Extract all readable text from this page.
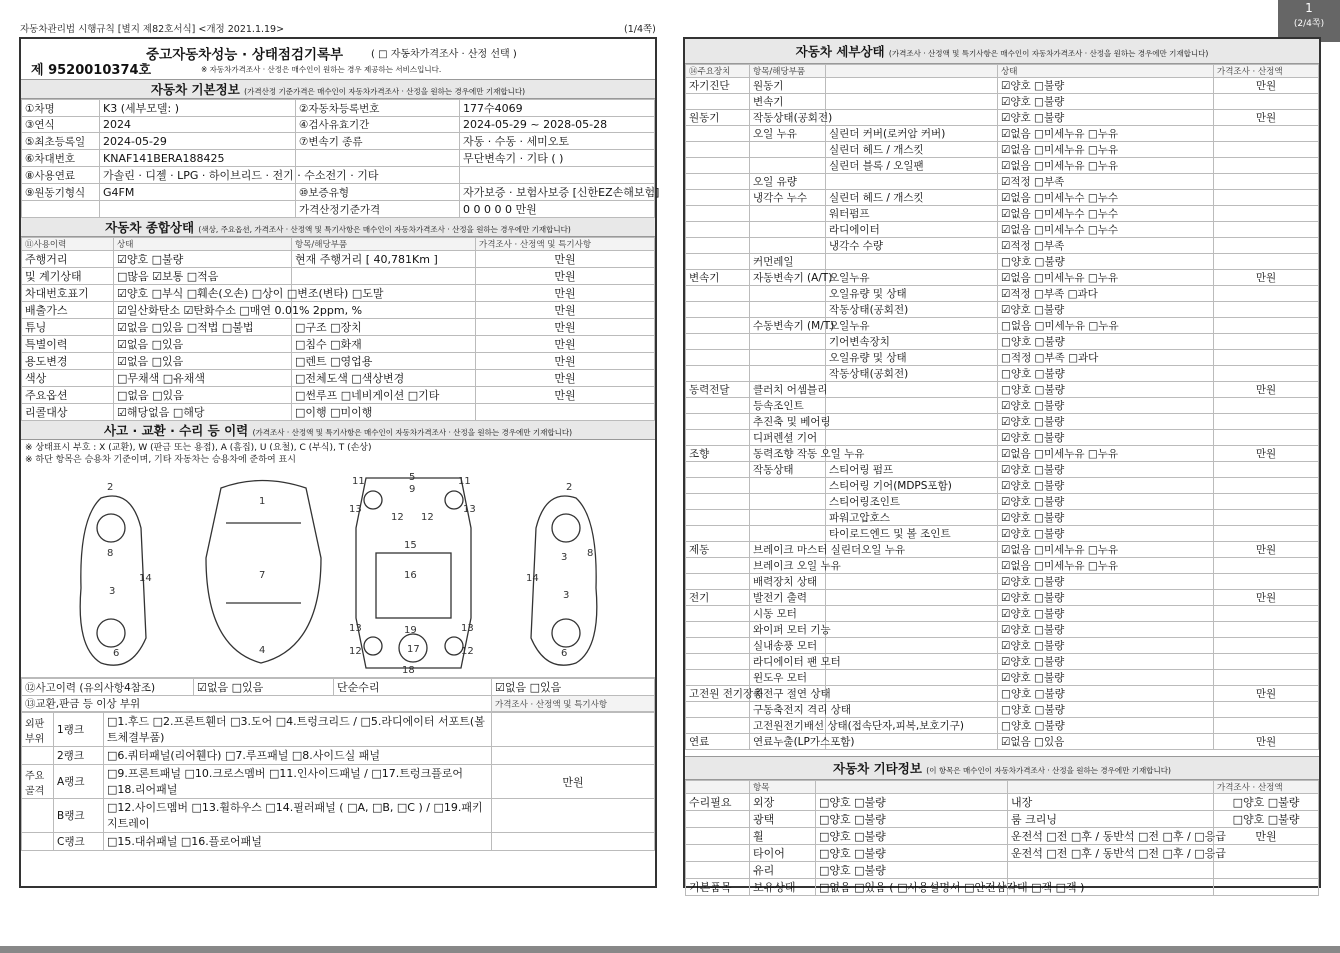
자동차관리법 시행규칙 [별지 제82호서식] <개정 2021.1.19>	(1/4쪽)
1
(2/4쪽)
중고자동차성능 · 상태점검기록부	( □ 자동차가격조사 · 산정 선택 )
제 9520010374호	※ 자동차가격조사 · 산정은 매수인이 원하는 경우 제공하는 서비스입니다.
자동차 기본정보 (가격산정 기준가격은 매수인이 자동차가격조사 · 산정을 원하는 경우에만 기재합니다)
①차명	K3 (세부모델: )	②자동차등록번호	177수4069
③연식	2024	④검사유효기간	2024-05-29 ~ 2028-05-28
⑤최초등록일	2024-05-29	⑦변속기 종류	자동 · 수동 · 세미오토
⑥차대번호	KNAF141BERA188425		무단변속기 · 기타 ( )
⑧사용연료	가솔린 · 디젤 · LPG · 하이브리드 · 전기 · 수소전기 · 기타		
⑨원동기형식	G4FM	⑩보증유형	자가보증 · 보험사보증 [신한EZ손해보험]
		가격산정기준가격	0 0 0 0 0 만원
자동차 종합상태 (색상, 주요옵션, 가격조사 · 산정액 및 특기사항은 매수인이 자동차가격조사 · 산정을 원하는 경우에만 기재합니다)
⑪사용이력	상태	항목/해당부품	가격조사 · 산정액 및 특기사항
주행거리	☑양호 □불량	현재 주행거리 [ 40,781Km ]	만원
및 계기상태	□많음 ☑보통 □적음		만원
차대번호표기	☑양호 □부식 □훼손(오손) □상이 □변조(변타) □도말		만원
배출가스	☑일산화탄소 ☑탄화수소 □매연 0.01% 2ppm, %		만원
튜닝	☑없음 □있음 □적법 □불법	□구조 □장치	만원
특별이력	☑없음 □있음	□침수 □화재	만원
용도변경	☑없음 □있음	□렌트 □영업용	만원
색상	□무채색 □유채색	□전체도색 □색상변경	만원
주요옵션	□없음 □있음	□썬루프 □네비게이션 □기타	만원
리콜대상	☑해당없음 □해당	□이행 □미이행	
사고 · 교환 · 수리 등 이력 (가격조사 · 산정액 및 특기사항은 매수인이 자동차가격조사 · 산정을 원하는 경우에만 기재합니다)
※ 상태표시 부호 : X (교환), W (판금 또는 용접), A (흠집), U (요철), C (부식), T (손상)
※ 하단 항목은 승용차 기준이며, 기타 자동차는 승용차에 준하여 표시
2
8
3
6
14
1
7
4
11	5
9
11
13	13
12 12
15
16
13	19	13
12	17	12
18
2
8
3
3
6
14
⑫사고이력 (유의사항4참조)	☑없음 □있음	단순수리	☑없음 □있음
⑬교환,판금 등 이상 부위			가격조사 · 산정액 및 특기사항
외판 부위	1랭크	□1.후드 □2.프론트휀더 □3.도어 □4.트렁크리드 / □5.라디에이터 서포트(볼트체결부품)	
	2랭크	□6.쿼터패널(리어휀다) □7.루프패널 □8.사이드실 패널	
주요 골격	A랭크	□9.프론트패널 □10.크로스멤버 □11.인사이드패널 / □17.트렁크플로어 □18.리어패널	만원
	B랭크	□12.사이드멤버 □13.휠하우스 □14.필러패널 ( □A, □B, □C ) / □19.패키지트레이	
	C랭크	□15.대쉬패널 □16.플로어패널	
자동차 세부상태 (가격조사 · 산정액 및 특기사항은 매수인이 자동차가격조사 · 산정을 원하는 경우에만 기재합니다)
⑭주요장치	항목/해당부품		상태	가격조사 · 산정액
자기진단	원동기		☑양호 □불량	만원
	변속기		☑양호 □불량	
원동기	작동상태(공회전)		☑양호 □불량	만원
	오일 누유	실린더 커버(로커암 커버)	☑없음 □미세누유 □누유	
		실린더 헤드 / 개스킷	☑없음 □미세누유 □누유	
		실린더 블록 / 오일팬	☑없음 □미세누유 □누유	
	오일 유량		☑적정 □부족	
	냉각수 누수	실린더 헤드 / 개스킷	☑없음 □미세누수 □누수	
		워터펌프	☑없음 □미세누수 □누수	
		라디에이터	☑없음 □미세누수 □누수	
		냉각수 수량	☑적정 □부족	
	커먼레일		□양호 □불량	
변속기	자동변속기 (A/T)	오일누유	☑없음 □미세누유 □누유	만원
		오일유량 및 상태	☑적정 □부족 □과다	
		작동상태(공회전)	☑양호 □불량	
	수동변속기 (M/T)	오일누유	□없음 □미세누유 □누유	
		기어변속장치	□양호 □불량	
		오일유량 및 상태	□적정 □부족 □과다	
		작동상태(공회전)	□양호 □불량	
동력전달	클러치 어셈블리		□양호 □불량	만원
	등속조인트		☑양호 □불량	
	추진축 및 베어링		☑양호 □불량	
	디퍼렌셜 기어		☑양호 □불량	
조향	동력조향 작동 오일 누유		☑없음 □미세누유 □누유	만원
	작동상태	스티어링 펌프	☑양호 □불량	
		스티어링 기어(MDPS포함)	☑양호 □불량	
		스티어링조인트	☑양호 □불량	
		파워고압호스	☑양호 □불량	
		타이로드엔드 및 볼 조인트	☑양호 □불량	
제동	브레이크 마스터 실린더오일 누유		☑없음 □미세누유 □누유	만원
	브레이크 오일 누유		☑없음 □미세누유 □누유	
	배력장치 상태		☑양호 □불량	
전기	발전기 출력		☑양호 □불량	만원
	시동 모터		☑양호 □불량	
	와이퍼 모터 기능		☑양호 □불량	
	실내송풍 모터		☑양호 □불량	
	라디에이터 팬 모터		☑양호 □불량	
	윈도우 모터		☑양호 □불량	
고전원 전기장치	충전구 절연 상태		□양호 □불량	만원
	구동축전지 격리 상태		□양호 □불량	
	고전원전기배선 상태(접속단자,피복,보호기구)		□양호 □불량	
연료	연료누출(LP가스포함)		☑없음 □있음	만원
자동차 기타정보 (이 항목은 매수인이 자동차가격조사 · 산정을 원하는 경우에만 기재합니다)
	항목			가격조사 · 산정액
수리필요	외장	□양호 □불량	내장	□양호 □불량
	광택	□양호 □불량	룸 크리닝	□양호 □불량
	휠	□양호 □불량	운전석 □전 □후 / 동반석 □전 □후 / □응급	만원
	타이어	□양호 □불량	운전석 □전 □후 / 동반석 □전 □후 / □응급	
	유리	□양호 □불량		
기본품목	보유상태	□없음 □있음 ( □사용설명서 □안전삼각대 □잭 □잭 )		
